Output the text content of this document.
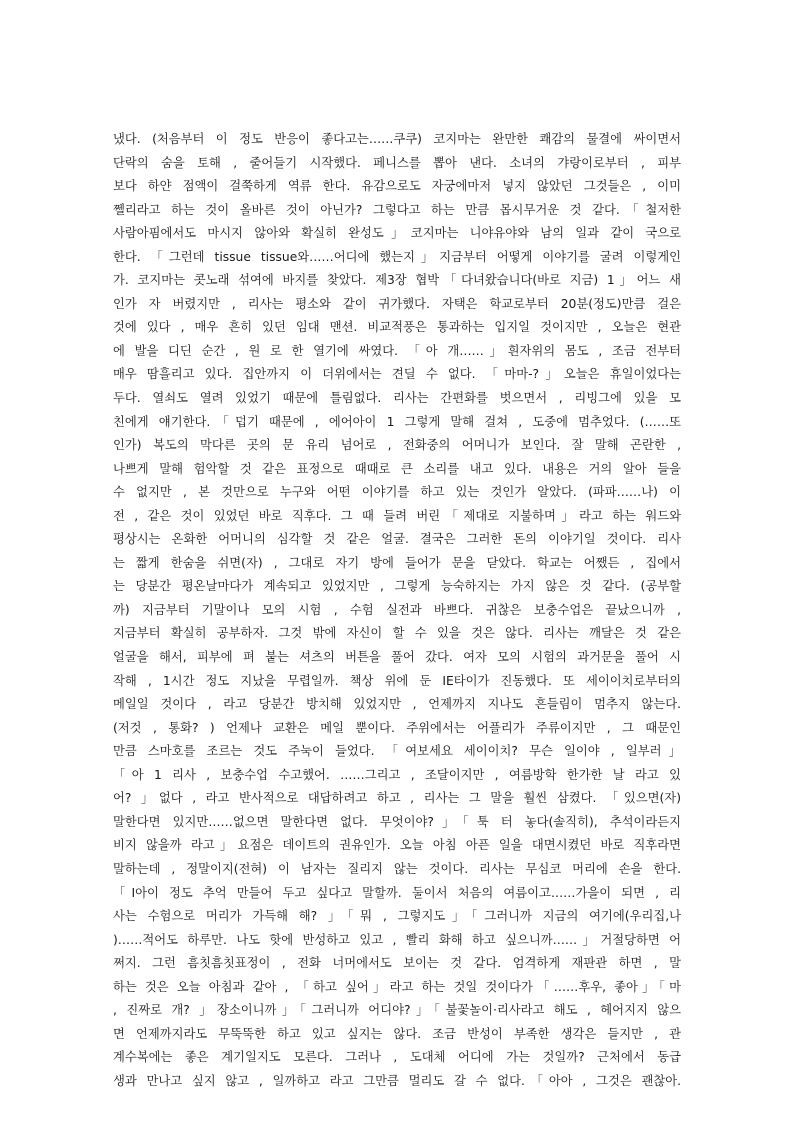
냈다. (처음부터 이 정도 반응이 좋다고는……쿠쿠) 코지마는 완만한 쾌감의 물결에 싸이면서
단락의 숨을 토해 , 줄어들기 시작했다. 페니스를 뽑아 낸다. 소녀의 갸랑이로부터 , 피부
보다 하얀 점액이 걸쭉하게 역류 한다. 유감으로도 자궁에마저 넣지 않았던 그것들은 , 이미
쩰리라고 하는 것이 올바른 것이 아닌가? 그렇다고 하는 만큼 몹시무거운 것 같다.「철저한
사람아핌에서도 마시지 않아와 확실히 완성도」코지마는 니야유야와 남의 일과 같이 국으로
한다. 「그런데 tissue tissue와……어디에 했는지」지금부터 어떻게 이야기를 굴려 이렇게인
가. 코지마는 콧노래 섞여에 바지를 찾았다. 제3장 협박「다녀왔습니다(바로 지금) 1」어느 새
인가 자 버렸지만 , 리사는 평소와 같이 귀가했다. 자택은 학교로부터 20분(정도)만큼 걸은
것에 있다 , 매우 흔히 있던 임대 맨션. 비교적풍은 통과하는 입지일 것이지만 , 오늘은 현관
에 발을 디딘 순간 , 원 로 한 열기에 싸였다. 「아 개……」흰자위의 몸도 , 조금 전부터
매우 땀흘리고 있다. 집안까지 이 더위에서는 견딜 수 없다. 「마마-?」오늘은 휴일이었다는
두다. 열쇠도 열려 있었기 때문에 틀림없다. 리사는 간편화를 벗으면서 , 리빙그에 있을 모
친에게 얘기한다.「덥기 때문에 , 에어아이 1 그렇게 말해 걸쳐 , 도중에 멈추었다. (……또
인가) 복도의 막다른 곳의 문 유리 넘어로 , 전화중의 어머니가 보인다. 잘 말해 곤란한 ,
나쁘게 말해 험악할 것 같은 표정으로 때때로 큰 소리를 내고 있다. 내용은 거의 알아 들을
수 없지만 , 본 것만으로 누구와 어떤 이야기를 하고 있는 것인가 알았다. (파파……나) 이
전 , 같은 것이 있었던 바로 직후다. 그 때 들려 버린「제대로 지불하며」라고 하는 워드와
평상시는 온화한 어머니의 심각할 것 같은 얼굴. 결국은 그러한 돈의 이야기일 것이다. 리사
는 짧게 한숨을 쉬면(자) , 그대로 자기 방에 들어가 문을 닫았다. 학교는 어쨌든 , 집에서
는 당분간 평온날마다가 계속되고 있었지만 , 그렇게 능숙하지는 가지 않은 것 같다. (공부할
까) 지금부터 기말이나 모의 시험 , 수험 실전과 바쁘다. 귀찮은 보충수업은 끝났으니까 ,
지금부터 확실히 공부하자. 그것 밖에 자신이 할 수 있을 것은 않다. 리사는 깨달은 것 같은
얼굴을 해서, 피부에 펴 붙는 셔츠의 버튼을 풀어 갔다. 여자 모의 시험의 과거문을 풀어 시
작해 , 1시간 정도 지났을 무렵일까. 책상 위에 둔 IE타이가 진동했다. 또 세이이치로부터의
메일일 것이다 , 라고 당분간 방치해 있었지만 , 언제까지 지나도 흔들림이 멈추지 않는다.
(저것 , 통화? ) 언제나 교환은 메일 뿐이다. 주위에서는 어플리가 주류이지만 , 그 때문인
만큼 스마호를 조르는 것도 주눅이 들었다. 「여보세요 세이이치? 무슨 일이야 , 일부러」
「아 1 리사 , 보충수업 수고했어. ……그리고 , 조달이지만 , 여름방학 한가한 날 라고 있
어? 」없다 , 라고 반사적으로 대답하려고 하고 , 리사는 그 말을 훨씬 삼켰다. 「있으면(자)
말한다면 있지만……없으면 말한다면 없다. 무엇이야?」「툭 터 놓다(솔직히), 추석이라든지
비지 않을까 라고」요점은 데이트의 권유인가. 오늘 아침 아픈 일을 대면시켰던 바로 직후라면
말하는데 , 정말이지(전혀) 이 남자는 질리지 않는 것이다. 리사는 무심코 머리에 손을 한다.
「I아이 정도 추억 만들어 두고 싶다고 말할까. 둘이서 처음의 여름이고……가을이 되면 , 리
사는 수험으로 머리가 가득해 해? 」「뭐 , 그렇지도」「그러니까 지금의 여기에(우리집,나
)……적어도 하루만. 나도 핫에 반성하고 있고 , 빨리 화해 하고 싶으니까……」거절당하면 어
쩌지. 그런 흠칫흠칫표정이 , 전화 너머에서도 보이는 것 같다. 엄격하게 재판관 하면 , 말
하는 것은 오늘 아침과 같아 , 「하고 싶어」라고 하는 것일 것이다가「……후우, 좋아」「마
, 진짜로 개? 」장소이니까」「그러니까 어디야?」「불꽃놀이·리사라고 해도 , 헤어지지 않으
면 언제까지라도 무뚝뚝한 하고 있고 싶지는 않다. 조금 반성이 부족한 생각은 들지만 , 관
계수복에는 좋은 계기일지도 모른다. 그러나 , 도대체 어디에 가는 것일까? 근처에서 동급
생과 만나고 싶지 않고 , 일까하고 라고 그만큼 멀리도 갈 수 없다.「아아 , 그것은 괜찮아.
